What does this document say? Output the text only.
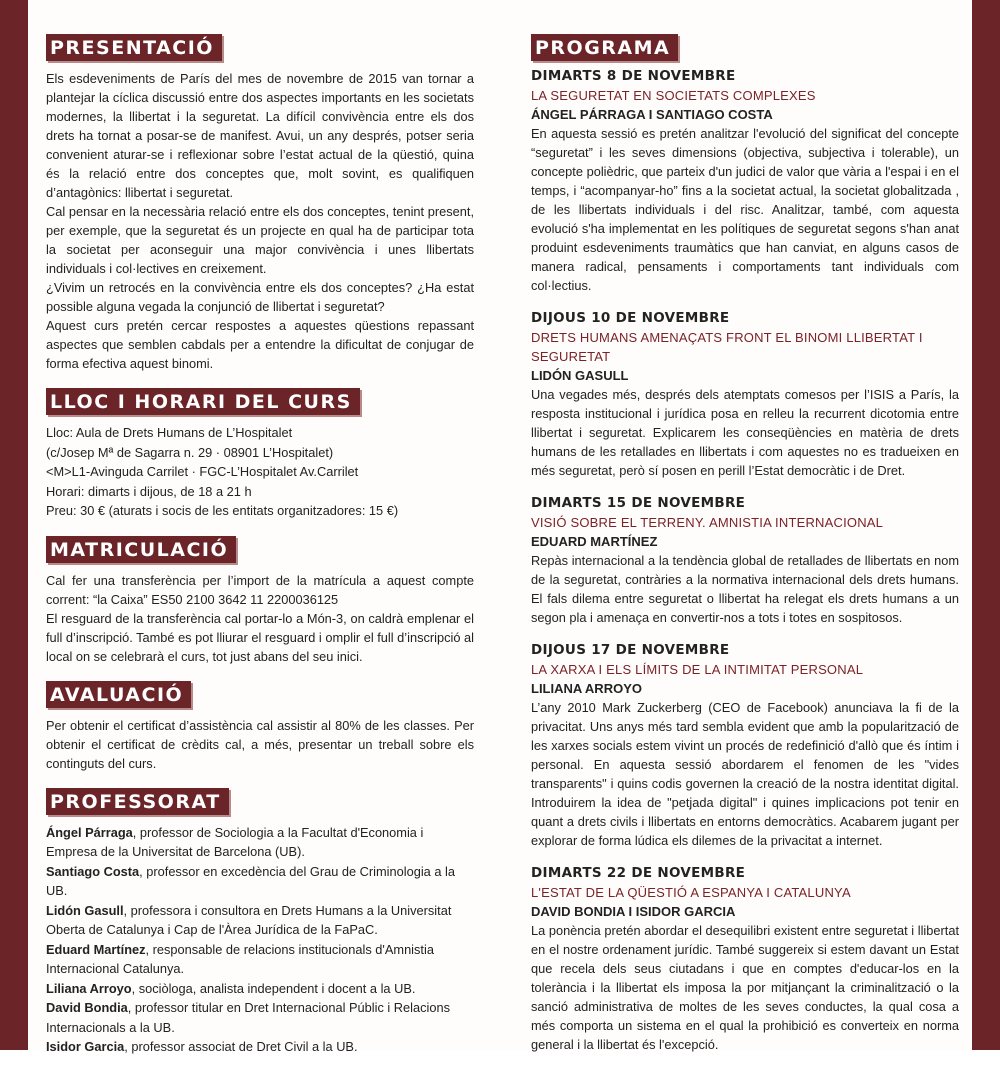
PRESENTACIÓ

Els esdeveniments de París del mes de novembre de 2015 van tornar a plantejar la cíclica discussió entre dos aspectes importants en les societats modernes, la llibertat i la seguretat. La difícil convivència entre els dos drets ha tornat a posar-se de manifest. Avui, un any després, potser seria convenient aturar-se i reflexionar sobre l’estat actual de la qüestió, quina és la relació entre dos conceptes que, molt sovint, es qualifiquen d’antagònics: llibertat i seguretat.

Cal pensar en la necessària relació entre els dos conceptes, tenint present, per exemple, que la seguretat és un projecte en qual ha de participar tota la societat per aconseguir una major convivència i unes llibertats individuals i col·lectives en creixement.

¿Vivim un retrocés en la convivència entre els dos conceptes? ¿Ha estat possible alguna vegada la conjunció de llibertat i seguretat?

Aquest curs pretén cercar respostes a aquestes qüestions repassant aspectes que semblen cabdals per a entendre la dificultat de conjugar de forma efectiva aquest binomi.

LLOC I HORARI DEL CURS

Lloc: Aula de Drets Humans de L’Hospitalet

(c/Josep Mª de Sagarra n. 29 · 08901 L’Hospitalet)

<M>L1-Avinguda Carrilet · FGC-L’Hospitalet Av.Carrilet

Horari: dimarts i dijous, de 18 a 21 h

Preu: 30 € (aturats i socis de les entitats organitzadores: 15 €)

MATRICULACIÓ

Cal fer una transferència per l’import de la matrícula a aquest compte corrent: “la Caixa” ES50 2100 3642 11 2200036125

El resguard de la transferència cal portar-lo a Món-3, on caldrà emplenar el full d’inscripció. També es pot lliurar el resguard i omplir el full d’inscripció al local on se celebrarà el curs, tot just abans del seu inici.

AVALUACIÓ

Per obtenir el certificat d’assistència cal assistir al 80% de les classes. Per obtenir el certificat de crèdits cal, a més, presentar un treball sobre els continguts del curs.

PROFESSORAT

Ángel Párraga, professor de Sociologia a la Facultat d'Economia i Empresa de la Universitat de Barcelona (UB).

Santiago Costa, professor en excedència del Grau de Criminologia a la UB.

Lidón Gasull, professora i consultora en Drets Humans a la Universitat Oberta de Catalunya i Cap de l'Àrea Jurídica de la FaPaC.

Eduard Martínez, responsable de relacions institucionals d'Amnistia Internacional Catalunya.

Liliana Arroyo, sociòloga, analista independent i docent a la UB.

David Bondia, professor titular en Dret Internacional Públic i Relacions Internacionals a la UB.

Isidor Garcia, professor associat de Dret Civil a la UB.

PROGRAMA

DIMARTS 8 DE NOVEMBRE

LA SEGURETAT EN SOCIETATS COMPLEXES

ÁNGEL PÁRRAGA I SANTIAGO COSTA

En aquesta sessió es pretén analitzar l'evolució del significat del concepte “seguretat” i les seves dimensions (objectiva, subjectiva i tolerable), un concepte polièdric, que parteix d'un judici de valor que vària a l'espai i en el temps, i “acompanyar-ho” fins a la societat actual, la societat globalitzada , de les llibertats individuals i del risc. Analitzar, també, com aquesta evolució s'ha implementat en les polítiques de seguretat segons s'han anat produint esdeveniments traumàtics que han canviat, en alguns casos de manera radical, pensaments i comportaments tant individuals com col·lectius.

DIJOUS 10 DE NOVEMBRE

DRETS HUMANS AMENAÇATS FRONT EL BINOMI LLIBERTAT I SEGURETAT

LIDÓN GASULL

Una vegades més, després dels atemptats comesos per l’ISIS a París, la resposta institucional i jurídica posa en relleu la recurrent dicotomia entre llibertat i seguretat. Explicarem les conseqüències en matèria de drets humans de les retallades en llibertats i com aquestes no es tradueixen en més seguretat, però sí posen en perill l’Estat democràtic i de Dret.

DIMARTS 15 DE NOVEMBRE

VISIÓ SOBRE EL TERRENY. AMNISTIA INTERNACIONAL

EDUARD MARTÍNEZ

Repàs internacional a la tendència global de retallades de llibertats en nom de la seguretat, contràries a la normativa internacional dels drets humans. El fals dilema entre seguretat o llibertat ha relegat els drets humans a un segon pla i amenaça en convertir-nos a tots i totes en sospitosos.

DIJOUS 17 DE NOVEMBRE

LA XARXA I ELS LÍMITS DE LA INTIMITAT PERSONAL

LILIANA ARROYO

L’any 2010 Mark Zuckerberg (CEO de Facebook) anunciava la fi de la privacitat. Uns anys més tard sembla evident que amb la popularització de les xarxes socials estem vivint un procés de redefinició d'allò que és íntim i personal. En aquesta sessió abordarem el fenomen de les "vides transparents" i quins codis governen la creació de la nostra identitat digital. Introduirem la idea de "petjada digital" i quines implicacions pot tenir en quant a drets civils i llibertats en entorns democràtics. Acabarem jugant per explorar de forma lúdica els dilemes de la privacitat a internet.

DIMARTS 22 DE NOVEMBRE

L'ESTAT DE LA QÜESTIÓ A ESPANYA I CATALUNYA

DAVID BONDIA I ISIDOR GARCIA

La ponència pretén abordar el desequilibri existent entre seguretat i llibertat en el nostre ordenament jurídic. També suggereix si estem davant un Estat que recela dels seus ciutadans i que en comptes d'educar-los en la tolerància i la llibertat els imposa la por mitjançant la criminalització o la sanció administrativa de moltes de les seves conductes, la qual cosa a més comporta un sistema en el qual la prohibició es converteix en norma general i la llibertat és l'excepció.
